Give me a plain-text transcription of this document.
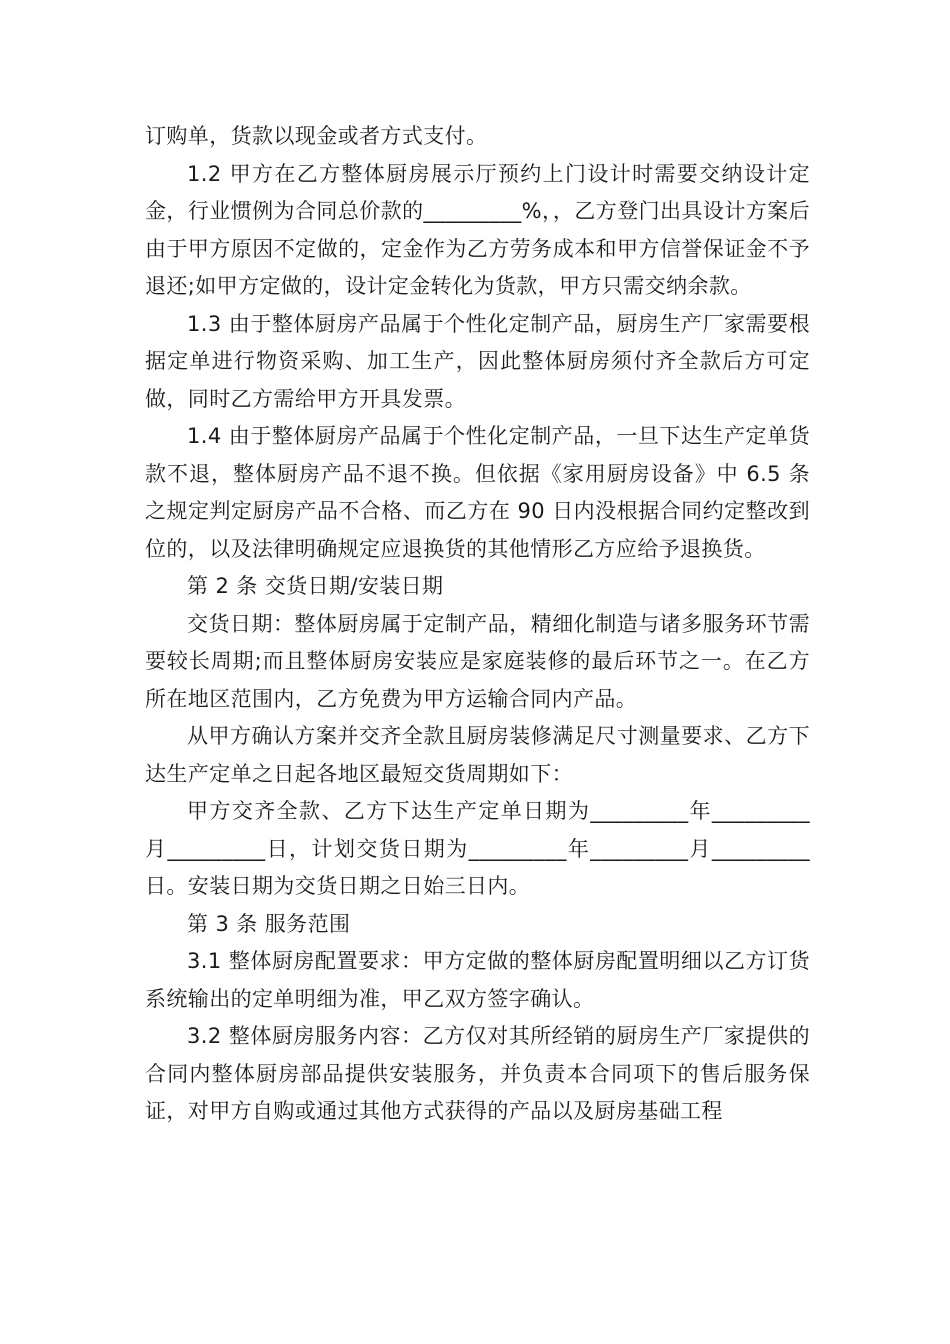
订购单，货款以现金或者方式支付。

1.2 甲方在乙方整体厨房展示厅预约上门设计时需要交纳设计定金，行业惯例为合同总价款的_________%，，乙方登门出具设计方案后由于甲方原因不定做的，定金作为乙方劳务成本和甲方信誉保证金不予退还;如甲方定做的，设计定金转化为货款，甲方只需交纳余款。

1.3 由于整体厨房产品属于个性化定制产品，厨房生产厂家需要根据定单进行物资采购、加工生产，因此整体厨房须付齐全款后方可定做，同时乙方需给甲方开具发票。

1.4 由于整体厨房产品属于个性化定制产品，一旦下达生产定单货款不退，整体厨房产品不退不换。但依据《家用厨房设备》中 6.5 条之规定判定厨房产品不合格、而乙方在 90 日内没根据合同约定整改到位的，以及法律明确规定应退换货的其他情形乙方应给予退换货。

第 2 条 交货日期/安装日期

交货日期：整体厨房属于定制产品，精细化制造与诸多服务环节需要较长周期;而且整体厨房安装应是家庭装修的最后环节之一。在乙方所在地区范围内，乙方免费为甲方运输合同内产品。

从甲方确认方案并交齐全款且厨房装修满足尺寸测量要求、乙方下达生产定单之日起各地区最短交货周期如下：

甲方交齐全款、乙方下达生产定单日期为_________年_________月_________日，计划交货日期为_________年_________月_________日。安装日期为交货日期之日始三日内。

第 3 条 服务范围

3.1 整体厨房配置要求：甲方定做的整体厨房配置明细以乙方订货系统输出的定单明细为准，甲乙双方签字确认。

3.2 整体厨房服务内容：乙方仅对其所经销的厨房生产厂家提供的合同内整体厨房部品提供安装服务，并负责本合同项下的售后服务保证，对甲方自购或通过其他方式获得的产品以及厨房基础工程
